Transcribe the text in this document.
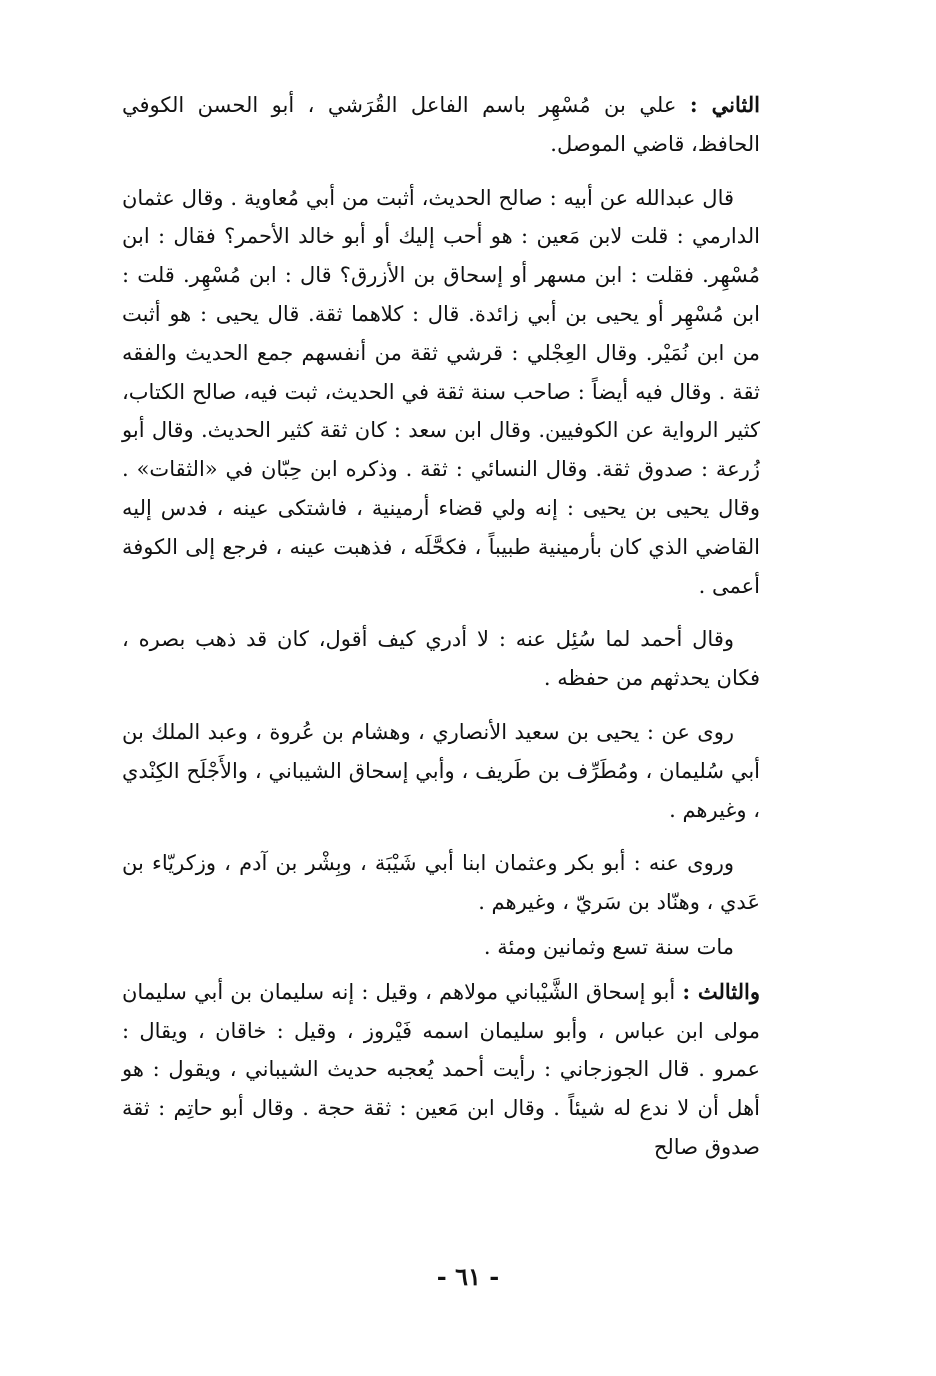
الثاني : علي بن مُسْهِر باسم الفاعل القُرَشي ، أبو الحسن الكوفي الحافظ، قاضي الموصل.

قال عبدالله عن أبيه : صالح الحديث، أثبت من أبي مُعاوية . وقال عثمان الدارمي : قلت لابن مَعين : هو أحب إليك أو أبو خالد الأحمر؟ فقال : ابن مُسْهِر. فقلت : ابن مسهر أو إسحاق بن الأزرق؟ قال : ابن مُسْهِر. قلت : ابن مُسْهِر أو يحيى بن أبي زائدة. قال : كلاهما ثقة. قال يحيى : هو أثبت من ابن نُمَيْر. وقال العِجْلي : قرشي ثقة من أنفسهم جمع الحديث والفقه ثقة . وقال فيه أيضاً : صاحب سنة ثقة في الحديث، ثبت فيه، صالح الكتاب، كثير الرواية عن الكوفيين. وقال ابن سعد : كان ثقة كثير الحديث. وقال أبو زُرعة : صدوق ثقة. وقال النسائي : ثقة . وذكره ابن حِبّان في «الثقات» . وقال يحيى بن يحيى : إنه ولي قضاء أرمينية ، فاشتكى عينه ، فدس إليه القاضي الذي كان بأرمينية طبيباً ، فكحَّلَه ، فذهبت عينه ، فرجع إلى الكوفة أعمى .

وقال أحمد لما سُئِل عنه : لا أدري كيف أقول، كان قد ذهب بصره ، فكان يحدثهم من حفظه .

روى عن : يحيى بن سعيد الأنصاري ، وهشام بن عُروة ، وعبد الملك بن أبي سُليمان ، ومُطَرِّف بن طَريف ، وأبي إسحاق الشيباني ، والأَجْلَح الكِنْدي ، وغيرهم .

وروى عنه : أبو بكر وعثمان ابنا أبي شَيْبَة ، وبِشْر بن آدم ، وزكريّاء بن عَدي ، وهنّاد بن سَريّ ، وغيرهم .

مات سنة تسع وثمانين ومئة .

والثالث : أبو إسحاق الشَّيْباني مولاهم ، وقيل : إنه سليمان بن أبي سليمان مولى ابن عباس ، وأبو سليمان اسمه فَيْروز ، وقيل : خاقان ، ويقال : عمرو . قال الجوزجاني : رأيت أحمد يُعجبه حديث الشيباني ، ويقول : هو أهل أن لا ندع له شيئاً . وقال ابن مَعين : ثقة حجة . وقال أبو حاتِم : ثقة صدوق صالح

- ٦١ -
